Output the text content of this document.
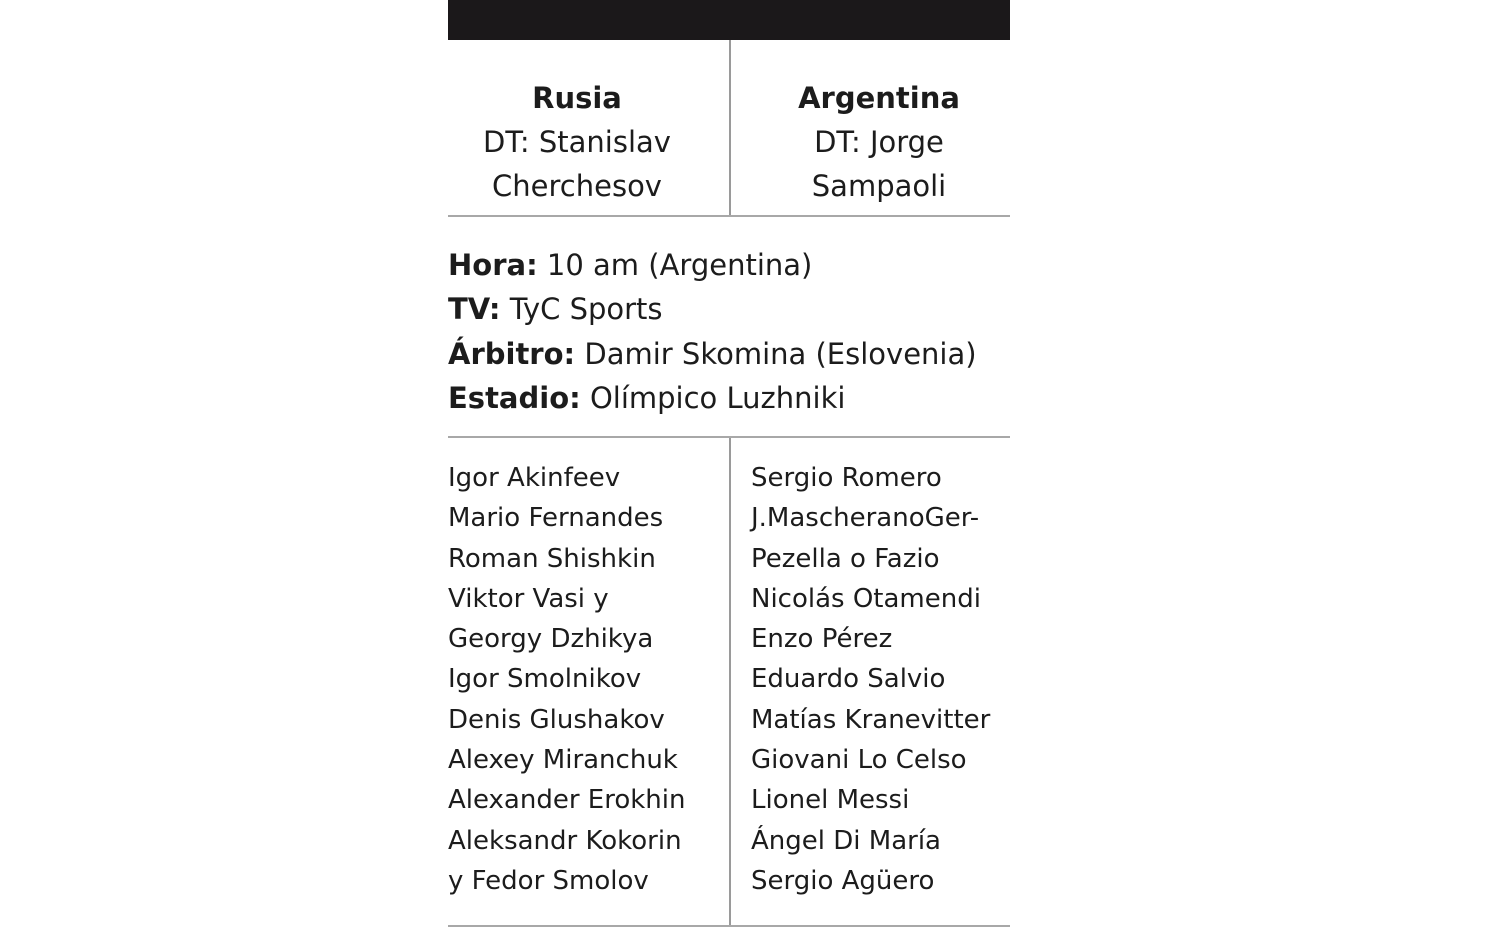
Rusia
DT: Stanislav
Cherchesov
Argentina
DT: Jorge
Sampaoli
Hora: 10 am (Argentina)
TV: TyC Sports
Árbitro: Damir Skomina (Eslovenia)
Estadio: Olímpico Luzhniki
Igor Akinfeev
Mario Fernandes
Roman Shishkin
Viktor Vasi y
Georgy Dzhikya
Igor Smolnikov
Denis Glushakov
Alexey Miranchuk
Alexander Erokhin
Aleksandr Kokorin
y Fedor Smolov
Sergio Romero
J.MascheranoGer-
Pezella o Fazio
Nicolás Otamendi
Enzo Pérez
Eduardo Salvio
Matías Kranevitter
Giovani Lo Celso
Lionel Messi
Ángel Di María
Sergio Agüero
